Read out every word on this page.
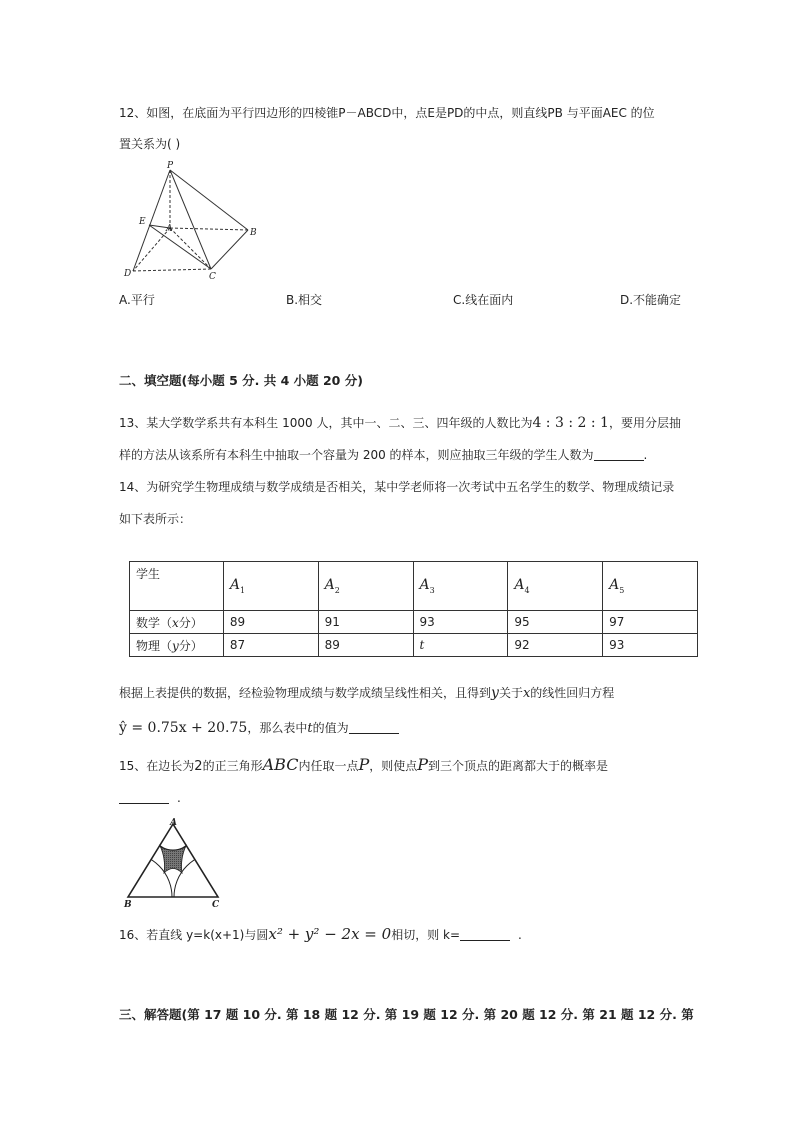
12、如图，在底面为平行四边形的四棱锥P－ABCD中，点E是PD的中点，则直线PB 与平面AEC 的位
置关系为( )
P
E
A	B
C
D
A.平行	B.相交	C.线在面内	D.不能确定
二、填空题(每小题 5 分. 共 4 小题 20 分)
13、某大学数学系共有本科生 1000 人，其中一、二、三、四年级的人数比为4 : 3 : 2 : 1，要用分层抽
样的方法从该系所有本科生中抽取一个容量为 200 的样本，则应抽取三年级的学生人数为	.
14、为研究学生物理成绩与数学成绩是否相关，某中学老师将一次考试中五名学生的数学、物理成绩记录
如下表所示：
学生	$A_1$	$A_2$	$A_3$	$A_4$	$A_5$
数学（x分）	89	91	93	95	97
物理（y分）	87	89	t	92	93
根据上表提供的数据，经检验物理成绩与数学成绩呈线性相关，且得到y关于x的线性回归方程
ŷ = 0.75x + 20.75，那么表中t的值为
15、在边长为2的正三角形ABC内任取一点P，则使点P到三个顶点的距离都大于的概率是
.
A
B	C
16、若直线 y=k(x+1)与圆x² + y² − 2x = 0相切，则 k=	.
三、解答题(第 17 题 10 分. 第 18 题 12 分. 第 19 题 12 分. 第 20 题 12 分. 第 21 题 12 分. 第
